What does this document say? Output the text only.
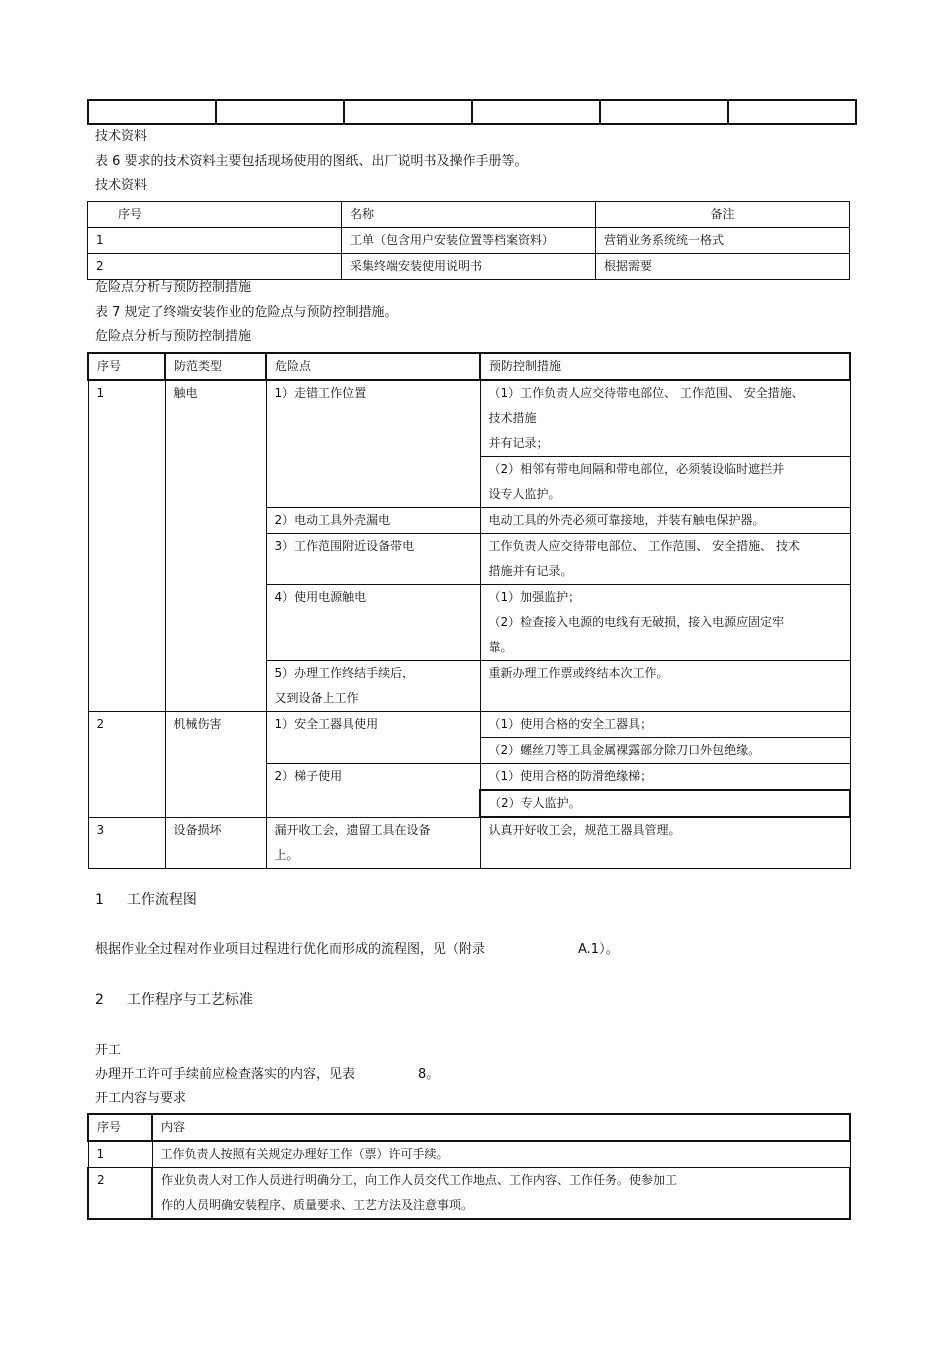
技术资料
表 6 要求的技术资料主要包括现场使用的图纸、出厂说明书及操作手册等。
技术资料
序号	名称	备注
1	工单（包含用户安装位置等档案资料）	营销业务系统统一格式
2	采集终端安装使用说明书	根据需要
危险点分析与预防控制措施
表 7 规定了终端安装作业的危险点与预防控制措施。
危险点分析与预防控制措施
序号	防范类型	危险点	预防控制措施
1	触电	1）走错工作位置	（1）工作负责人应交待带电部位、 工作范围、 安全措施、
技术措施
并有记录；

			（2）相邻有带电间隔和带电部位，必须装设临时遮拦并
设专人监护。

		2）电动工具外壳漏电	电动工具的外壳必须可靠接地，并装有触电保护器。

		3）工作范围附近设备带电	工作负责人应交待带电部位、 工作范围、 安全措施、 技术
措施并有记录。

		4）使用电源触电	（1）加强监护；
（2）检查接入电源的电线有无破损，接入电源应固定牢
靠。

		5）办理工作终结手续后，
又到设备上工作	重新办理工作票或终结本次工作。

2	机械伤害	1）安全工器具使用	（1）使用合格的安全工器具；

			（2）螺丝刀等工具金属裸露部分除刀口外包绝缘。

		2）梯子使用	（1）使用合格的防滑绝缘梯；

			（2）专人监护。

3	设备损坏	漏开收工会，遗留工具在设备
上。	认真开好收工会，规范工器具管理。
1 工作流程图
根据作业全过程对作业项目过程进行优化而形成的流程图，见（附录	A.1）。
2 工作程序与工艺标准
开工
办理开工许可手续前应检查落实的内容，见表	8。
开工内容与要求
序号	内容
1	工作负责人按照有关规定办理好工作（票）许可手续。

2	作业负责人对工作人员进行明确分工，向工作人员交代工作地点、工作内容、工作任务。使参加工
作的人员明确安装程序、质量要求、工艺方法及注意事项。
